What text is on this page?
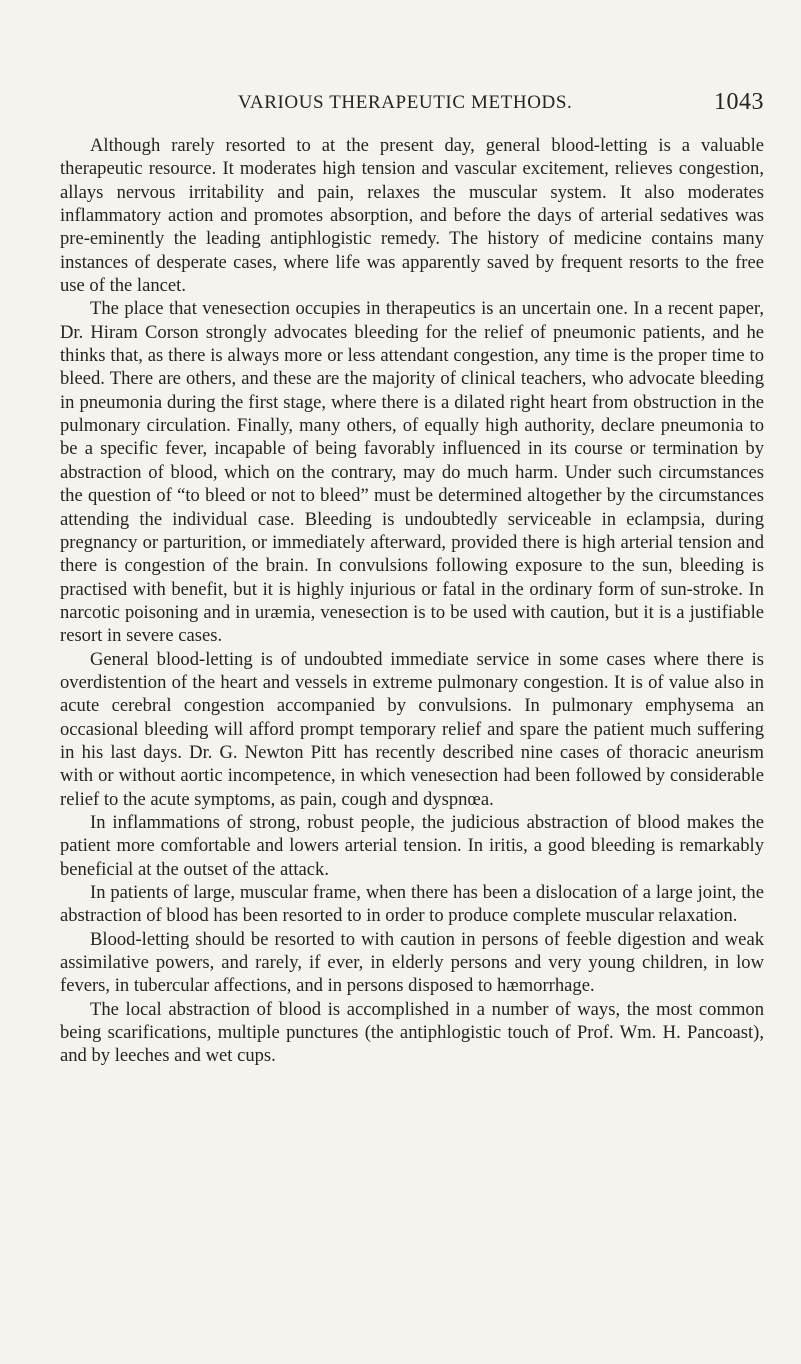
VARIOUS THERAPEUTIC METHODS.	1043

Although rarely resorted to at the present day, general blood-letting is a valuable therapeutic resource. It moderates high tension and vascular excitement, relieves congestion, allays nervous irritability and pain, relaxes the muscular system. It also moderates inflammatory action and promotes absorption, and before the days of arterial sedatives was pre-eminently the leading antiphlogistic remedy. The history of medicine contains many instances of desperate cases, where life was apparently saved by frequent resorts to the free use of the lancet.

The place that venesection occupies in therapeutics is an uncertain one. In a recent paper, Dr. Hiram Corson strongly advocates bleeding for the relief of pneumonic patients, and he thinks that, as there is always more or less attendant congestion, any time is the proper time to bleed. There are others, and these are the majority of clinical teachers, who advocate bleeding in pneumonia during the first stage, where there is a dilated right heart from obstruction in the pulmonary circulation. Finally, many others, of equally high authority, declare pneumonia to be a specific fever, incapable of being favorably influenced in its course or termination by abstraction of blood, which on the contrary, may do much harm. Under such circumstances the question of “to bleed or not to bleed” must be determined altogether by the circumstances attending the individual case. Bleeding is undoubtedly serviceable in eclampsia, during pregnancy or parturition, or immediately afterward, provided there is high arterial tension and there is congestion of the brain. In convulsions following exposure to the sun, bleeding is practised with benefit, but it is highly injurious or fatal in the ordinary form of sun-stroke. In narcotic poisoning and in uræmia, venesection is to be used with caution, but it is a justifiable resort in severe cases.

General blood-letting is of undoubted immediate service in some cases where there is overdistention of the heart and vessels in extreme pulmonary congestion. It is of value also in acute cerebral congestion accompanied by convulsions. In pulmonary emphysema an occasional bleeding will afford prompt temporary relief and spare the patient much suffering in his last days. Dr. G. Newton Pitt has recently described nine cases of thoracic aneurism with or without aortic incompetence, in which venesection had been followed by considerable relief to the acute symptoms, as pain, cough and dyspnœa.

In inflammations of strong, robust people, the judicious abstraction of blood makes the patient more comfortable and lowers arterial tension. In iritis, a good bleeding is remarkably beneficial at the outset of the attack.

In patients of large, muscular frame, when there has been a dislocation of a large joint, the abstraction of blood has been resorted to in order to produce complete muscular relaxation.

Blood-letting should be resorted to with caution in persons of feeble digestion and weak assimilative powers, and rarely, if ever, in elderly persons and very young children, in low fevers, in tubercular affections, and in persons disposed to hæmorrhage.

The local abstraction of blood is accomplished in a number of ways, the most common being scarifications, multiple punctures (the antiphlogistic touch of Prof. Wm. H. Pancoast), and by leeches and wet cups.
